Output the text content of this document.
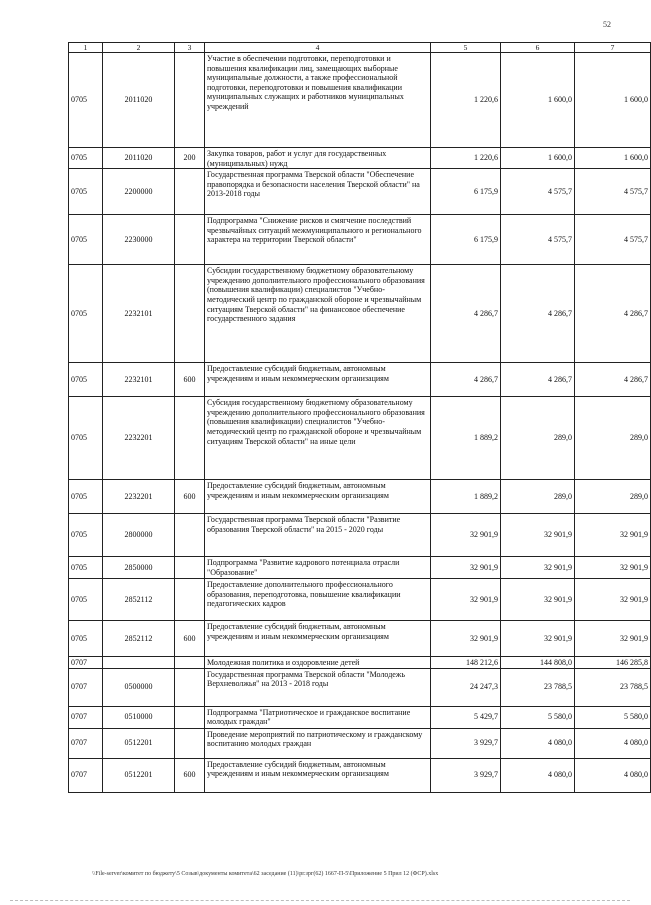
52
1	2	3	4	5	6	7
0705	2011020		Участие в обеспечении подготовки, переподготовки и повышения квалификации лиц, замещающих выборные муниципальные должности, а также профессиональной подготовки, переподготовки и повышения квалификации муниципальных служащих и работников муниципальных учреждений	1 220,6	1 600,0	1 600,0
0705	2011020	200	Закупка товаров, работ и услуг для государственных (муниципальных) нужд	1 220,6	1 600,0	1 600,0
0705	2200000		Государственная программа Тверской области "Обеспечение правопорядка и безопасности населения Тверской области" на 2013-2018 годы	6 175,9	4 575,7	4 575,7
0705	2230000		Подпрограмма "Снижение рисков и смягчение последствий чрезвычайных ситуаций межмуниципального и регионального характера на территории Тверской области"	6 175,9	4 575,7	4 575,7
0705	2232101		Субсидии государственному бюджетному образовательному учреждению дополнительного профессионального образования (повышения квалификации) специалистов "Учебно-методический центр по гражданской обороне и чрезвычайным ситуациям Тверской области" на финансовое обеспечение государственного задания	4 286,7	4 286,7	4 286,7
0705	2232101	600	Предоставление субсидий бюджетным, автономным учреждениям и иным некоммерческим организациям	4 286,7	4 286,7	4 286,7
0705	2232201		Субсидия государственному бюджетному образовательному учреждению дополнительного профессионального образования (повышения квалификации) специалистов "Учебно-методический центр по гражданской обороне и чрезвычайным ситуациям Тверской области" на иные цели	1 889,2	289,0	289,0
0705	2232201	600	Предоставление субсидий бюджетным, автономным учреждениям и иным некоммерческим организациям	1 889,2	289,0	289,0
0705	2800000		Государственная программа Тверской области "Развитие образования Тверской области" на 2015 - 2020 годы	32 901,9	32 901,9	32 901,9
0705	2850000		Подпрограмма "Развитие кадрового потенциала отрасли "Образование"	32 901,9	32 901,9	32 901,9
0705	2852112		Предоставление дополнительного профессионального образования, переподготовка, повышение квалификации педагогических кадров	32 901,9	32 901,9	32 901,9
0705	2852112	600	Предоставление субсидий бюджетным, автономным учреждениям и иным некоммерческим организациям	32 901,9	32 901,9	32 901,9
0707			Молодежная политика и оздоровление детей	148 212,6	144 808,0	146 285,8
0707	0500000		Государственная программа Тверской области "Молодежь Верхневолжья" на 2013 - 2018 годы	24 247,3	23 788,5	23 788,5
0707	0510000		Подпрограмма "Патриотическое и гражданское воспитание молодых граждан"	5 429,7	5 580,0	5 580,0
0707	0512201		Проведение мероприятий по патриотическому и гражданскому воспитанию молодых граждан	3 929,7	4 080,0	4 080,0
0707	0512201	600	Предоставление субсидий бюджетным, автономным учреждениям и иным некоммерческим организациям	3 929,7	4 080,0	4 080,0
\\File-server\комитет по бюджету\5 Созыв\документы комитета\62 заседание (11)\рг.зрг(62) 1667-П-5\Приложение 5 Прил 12 (ФСР).xlsx
